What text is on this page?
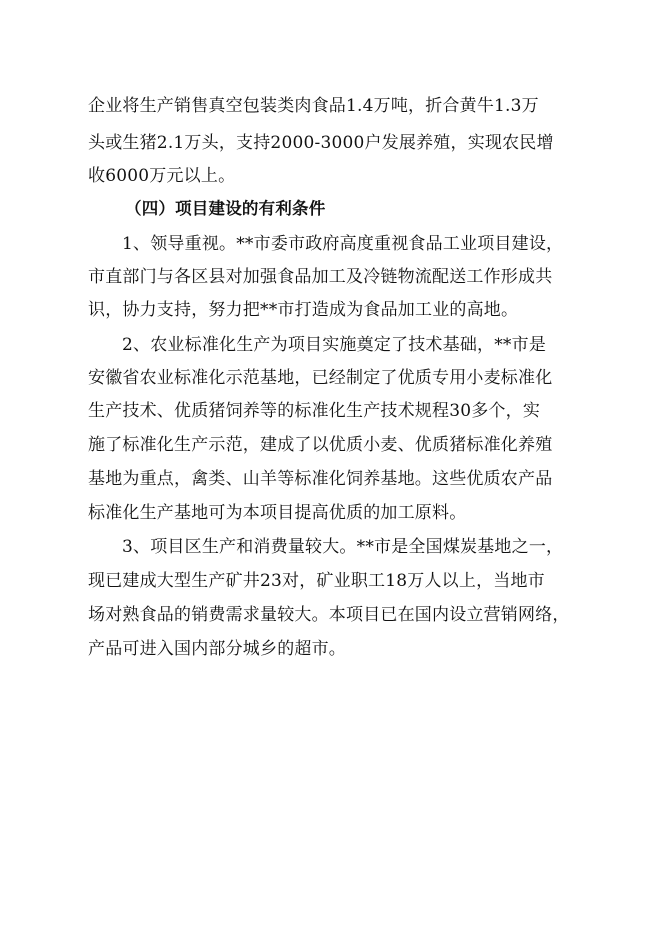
企业将生产销售真空包装类肉食品1.4万吨，折合黄牛1.3万
头或生猪2.1万头，支持2000-3000户发展养殖，实现农民增
收6000万元以上。
（四）项目建设的有利条件
1、领导重视。**市委市政府高度重视食品工业项目建设，
市直部门与各区县对加强食品加工及冷链物流配送工作形成共
识，协力支持，努力把**市打造成为食品加工业的高地。
2、农业标准化生产为项目实施奠定了技术基础，**市是
安徽省农业标准化示范基地，已经制定了优质专用小麦标准化
生产技术、优质猪饲养等的标准化生产技术规程30多个，实
施了标准化生产示范，建成了以优质小麦、优质猪标准化养殖
基地为重点，禽类、山羊等标准化饲养基地。这些优质农产品
标准化生产基地可为本项目提高优质的加工原料。
3、项目区生产和消费量较大。**市是全国煤炭基地之一，
现已建成大型生产矿井23对，矿业职工18万人以上，当地市
场对熟食品的销费需求量较大。本项目已在国内设立营销网络，
产品可进入国内部分城乡的超市。
